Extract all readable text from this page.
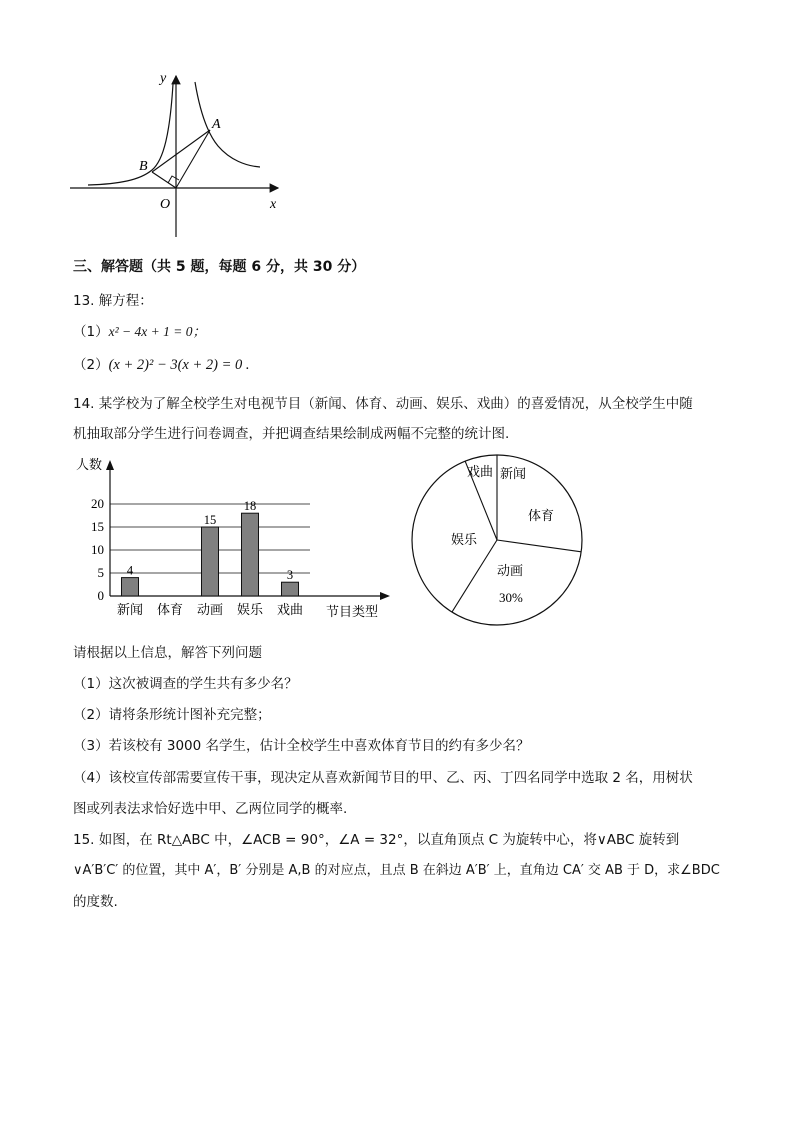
y
x
O
A
B
三、解答题（共 5 题，每题 6 分，共 30 分）
13. 解方程：
（1）x² − 4x + 1 = 0；
（2）(x + 2)² − 3(x + 2) = 0 .
14. 某学校为了解全校学生对电视节目（新闻、体育、动画、娱乐、戏曲）的喜爱情况，从全校学生中随
机抽取部分学生进行问卷调查，并把调查结果绘制成两幅不完整的统计图.
0
5
10
15
20
人数
4
新闻 体育
15
动画
18
娱乐
3
戏曲 节目类型
戏曲 新闻
体育
动画
30%
娱乐
请根据以上信息，解答下列问题
（1）这次被调查的学生共有多少名？
（2）请将条形统计图补充完整；
（3）若该校有 3000 名学生，估计全校学生中喜欢体育节目的约有多少名？
（4）该校宣传部需要宣传干事，现决定从喜欢新闻节目的甲、乙、丙、丁四名同学中选取 2 名，用树状
图或列表法求恰好选中甲、乙两位同学的概率.
15. 如图，在 Rt△ABC 中，∠ACB = 90°，∠A = 32°，以直角顶点 C 为旋转中心，将∨ABC 旋转到
∨A′B′C′ 的位置，其中 A′，B′ 分别是 A,B 的对应点，且点 B 在斜边 A′B′ 上，直角边 CA′ 交 AB 于 D，求∠BDC
的度数.
